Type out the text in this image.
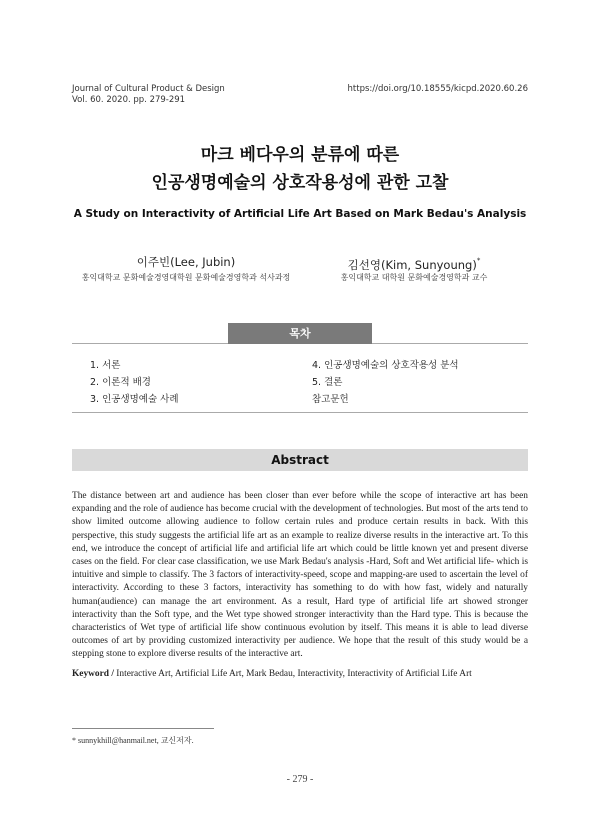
Journal of Cultural Product & Design
Vol. 60. 2020. pp. 279-291
https://doi.org/10.18555/kicpd.2020.60.26
마크 베다우의 분류에 따른
인공생명예술의 상호작용성에 관한 고찰
A Study on Interactivity of Artificial Life Art Based on Mark Bedau's Analysis
이주빈(Lee, Jubin)
홍익대학교 문화예술경영대학원 문화예술경영학과 석사과정
김선영(Kim, Sunyoung)*
홍익대학교 대학원 문화예술경영학과 교수
목차
1. 서론
2. 이론적 배경
3. 인공생명예술 사례
4. 인공생명예술의 상호작용성 분석
5. 결론
참고문헌
Abstract
The distance between art and audience has been closer than ever before while the scope of interactive art has been expanding and the role of audience has become crucial with the development of technologies. But most of the arts tend to show limited outcome allowing audience to follow certain rules and produce certain results in back. With this perspective, this study suggests the artificial life art as an example to realize diverse results in the interactive art. To this end, we introduce the concept of artificial life and artificial life art which could be little known yet and present diverse cases on the field. For clear case classification, we use Mark Bedau's analysis -Hard, Soft and Wet artificial life- which is intuitive and simple to classify. The 3 factors of interactivity-speed, scope and mapping-are used to ascertain the level of interactivity. According to these 3 factors, interactivity has something to do with how fast, widely and naturally human(audience) can manage the art environment. As a result, Hard type of artificial life art showed stronger interactivity than the Soft type, and the Wet type showed stronger interactivity than the Hard type. This is because the characteristics of Wet type of artificial life show continuous evolution by itself. This means it is able to lead diverse outcomes of art by providing customized interactivity per audience. We hope that the result of this study would be a stepping stone to explore diverse results of the interactive art.
Keyword / Interactive Art, Artificial Life Art, Mark Bedau, Interactivity, Interactivity of Artificial Life Art
* sunnykhill@hanmail.net, 교신저자.
- 279 -
